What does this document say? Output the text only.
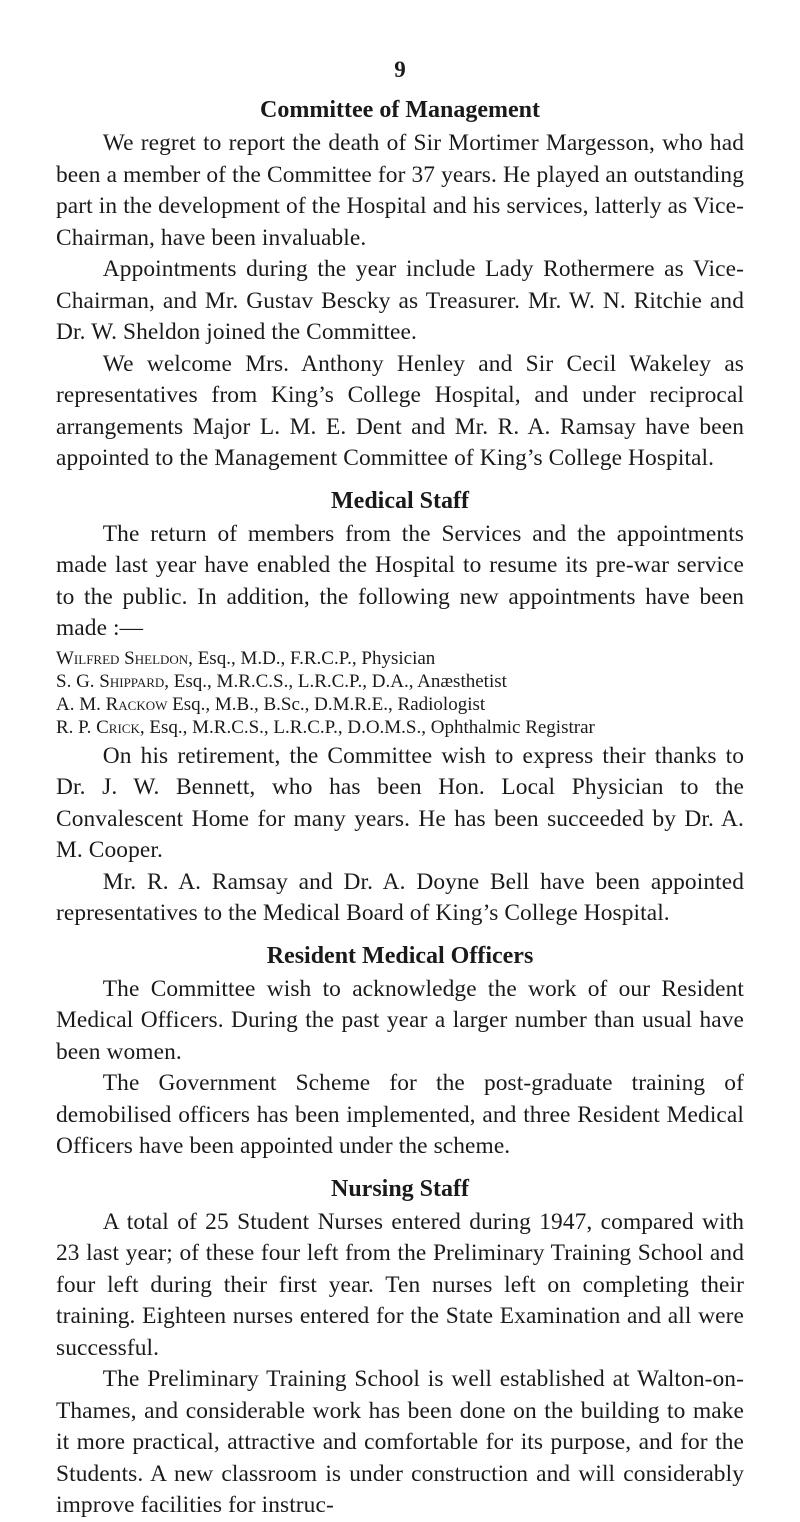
9
Committee of Management

We regret to report the death of Sir Mortimer Margesson, who had been a member of the Committee for 37 years. He played an outstanding part in the development of the Hospital and his services, latterly as Vice-Chairman, have been invaluable.

Appointments during the year include Lady Rothermere as Vice-Chairman, and Mr. Gustav Bescky as Treasurer. Mr. W. N. Ritchie and Dr. W. Sheldon joined the Committee.

We welcome Mrs. Anthony Henley and Sir Cecil Wakeley as representatives from King’s College Hospital, and under reciprocal arrangements Major L. M. E. Dent and Mr. R. A. Ramsay have been appointed to the Management Committee of King’s College Hospital.

Medical Staff

The return of members from the Services and the appointments made last year have enabled the Hospital to resume its pre-war service to the public. In addition, the following new appointments have been made :—

Wilfred Sheldon, Esq., M.D., F.R.C.P., Physician
S. G. Shippard, Esq., M.R.C.S., L.R.C.P., D.A., Anæsthetist
A. M. Rackow Esq., M.B., B.Sc., D.M.R.E., Radiologist
R. P. Crick, Esq., M.R.C.S., L.R.C.P., D.O.M.S., Ophthalmic Registrar

On his retirement, the Committee wish to express their thanks to Dr. J. W. Bennett, who has been Hon. Local Physician to the Convalescent Home for many years. He has been succeeded by Dr. A. M. Cooper.

Mr. R. A. Ramsay and Dr. A. Doyne Bell have been appointed representatives to the Medical Board of King’s College Hospital.

Resident Medical Officers

The Committee wish to acknowledge the work of our Resident Medical Officers. During the past year a larger number than usual have been women.

The Government Scheme for the post-graduate training of demobilised officers has been implemented, and three Resident Medical Officers have been appointed under the scheme.

Nursing Staff

A total of 25 Student Nurses entered during 1947, compared with 23 last year; of these four left from the Preliminary Training School and four left during their first year. Ten nurses left on completing their training. Eighteen nurses entered for the State Examination and all were successful.

The Preliminary Training School is well established at Walton-on-Thames, and considerable work has been done on the building to make it more practical, attractive and comfortable for its purpose, and for the Students. A new classroom is under construction and will considerably improve facilities for instruc-
